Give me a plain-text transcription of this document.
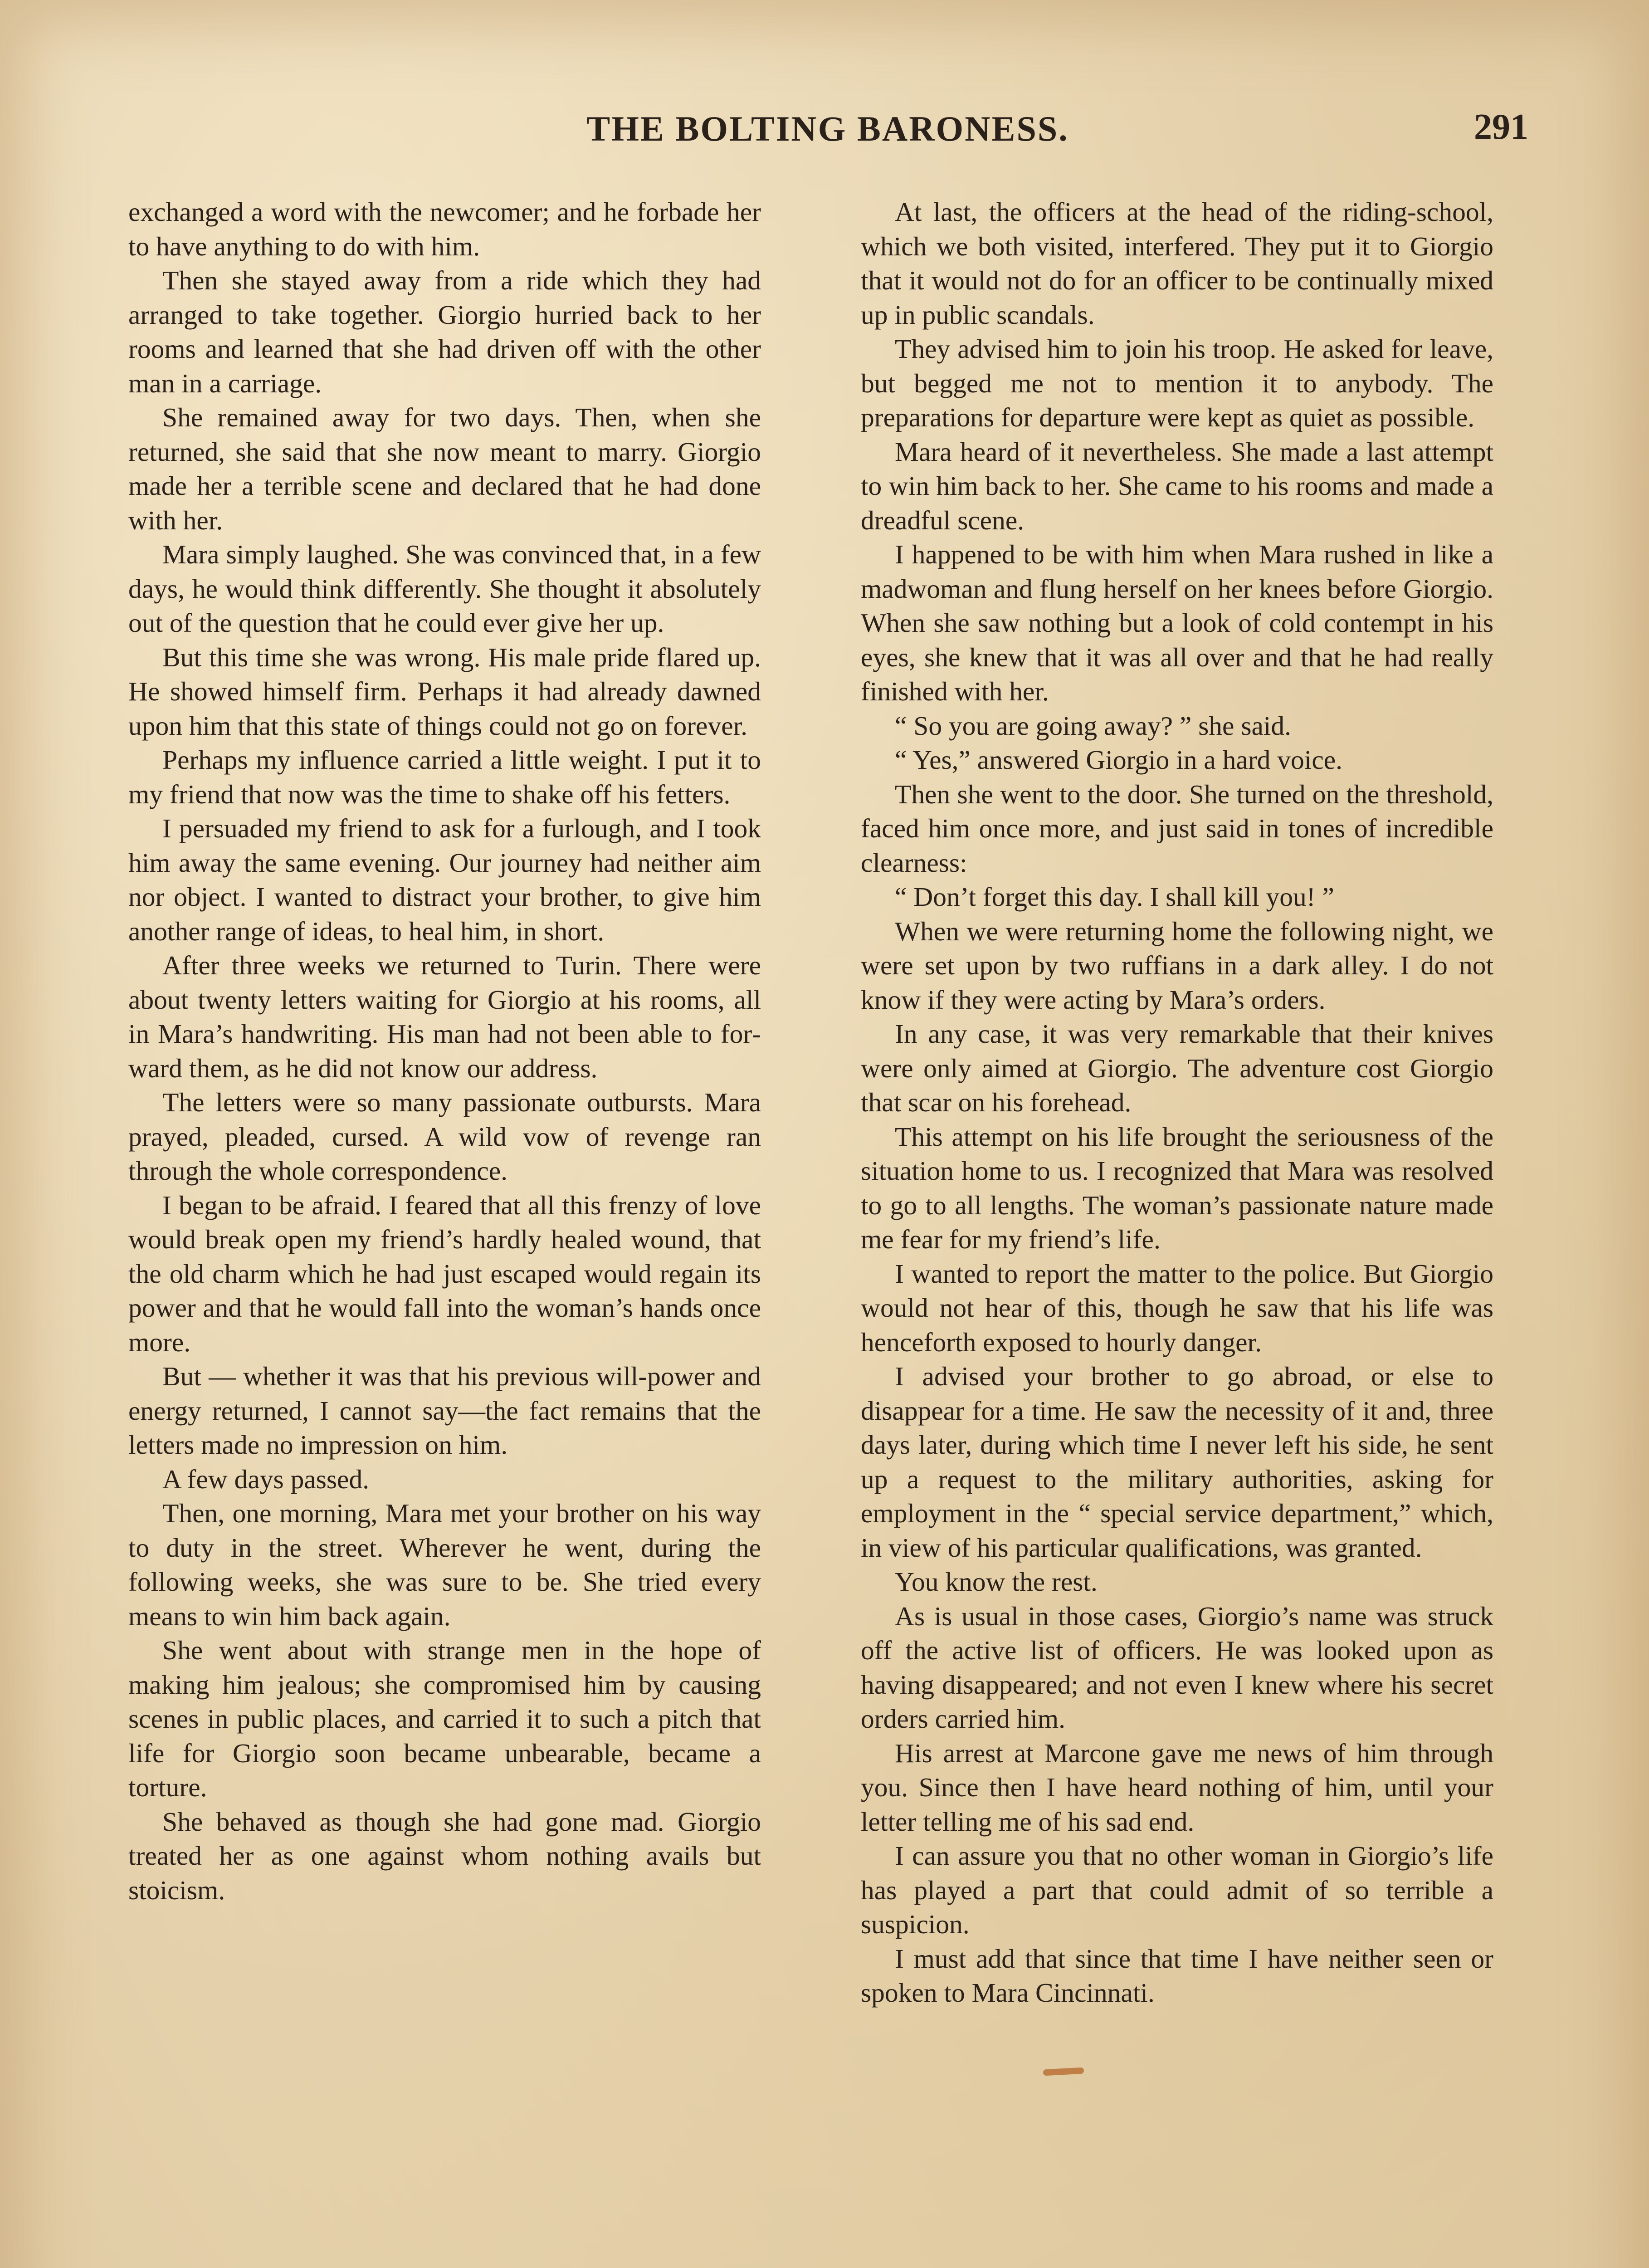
THE BOLTING BARONESS.	291

exchanged a word with the newcomer; and he forbade her to have anything to do with him.

Then she stayed away from a ride which they had arranged to take together. Giorgio hurried back to her rooms and learned that she had driven off with the other man in a carriage.

She remained away for two days. Then, when she returned, she said that she now meant to marry. Giorgio made her a terrible scene and declared that he had done with her.

Mara simply laughed. She was convinced that, in a few days, he would think differently. She thought it absolutely out of the question that he could ever give her up.

But this time she was wrong. His male pride flared up. He showed himself firm. Perhaps it had already dawned upon him that this state of things could not go on forever.

Perhaps my influence carried a little weight. I put it to my friend that now was the time to shake off his fetters.

I persuaded my friend to ask for a furlough, and I took him away the same evening. Our journey had neither aim nor object. I wanted to distract your brother, to give him another range of ideas, to heal him, in short.

After three weeks we returned to Turin. There were about twenty letters waiting for Giorgio at his rooms, all in Mara’s handwriting. His man had not been able to forward them, as he did not know our address.

The letters were so many passionate outbursts. Mara prayed, pleaded, cursed. A wild vow of revenge ran through the whole correspondence.

I began to be afraid. I feared that all this frenzy of love would break open my friend’s hardly healed wound, that the old charm which he had just escaped would regain its power and that he would fall into the woman’s hands once more.

But — whether it was that his previous will-power and energy returned, I cannot say—the fact remains that the letters made no impression on him.

A few days passed.

Then, one morning, Mara met your brother on his way to duty in the street. Wherever he went, during the following weeks, she was sure to be. She tried every means to win him back again.

She went about with strange men in the hope of making him jealous; she compromised him by causing scenes in public places, and carried it to such a pitch that life for Giorgio soon became unbearable, became a torture.

She behaved as though she had gone mad. Giorgio treated her as one against whom nothing avails but stoicism.

At last, the officers at the head of the riding-school, which we both visited, interfered. They put it to Giorgio that it would not do for an officer to be continually mixed up in public scandals.

They advised him to join his troop. He asked for leave, but begged me not to mention it to anybody. The preparations for departure were kept as quiet as possible.

Mara heard of it nevertheless. She made a last attempt to win him back to her. She came to his rooms and made a dreadful scene.

I happened to be with him when Mara rushed in like a madwoman and flung herself on her knees before Giorgio. When she saw nothing but a look of cold contempt in his eyes, she knew that it was all over and that he had really finished with her.

“ So you are going away? ” she said.

“ Yes,” answered Giorgio in a hard voice.

Then she went to the door. She turned on the threshold, faced him once more, and just said in tones of incredible clearness:

“ Don’t forget this day. I shall kill you! ”

When we were returning home the following night, we were set upon by two ruffians in a dark alley. I do not know if they were acting by Mara’s orders.

In any case, it was very remarkable that their knives were only aimed at Giorgio. The adventure cost Giorgio that scar on his forehead.

This attempt on his life brought the seriousness of the situation home to us. I recognized that Mara was resolved to go to all lengths. The woman’s passionate nature made me fear for my friend’s life.

I wanted to report the matter to the police. But Giorgio would not hear of this, though he saw that his life was henceforth exposed to hourly danger.

I advised your brother to go abroad, or else to disappear for a time. He saw the necessity of it and, three days later, during which time I never left his side, he sent up a request to the military authorities, asking for employment in the “ special service department,” which, in view of his particular qualifications, was granted.

You know the rest.

As is usual in those cases, Giorgio’s name was struck off the active list of officers. He was looked upon as having disappeared; and not even I knew where his secret orders carried him.

His arrest at Marcone gave me news of him through you. Since then I have heard nothing of him, until your letter telling me of his sad end.

I can assure you that no other woman in Giorgio’s life has played a part that could admit of so terrible a suspicion.

I must add that since that time I have neither seen or spoken to Mara Cincinnati.
